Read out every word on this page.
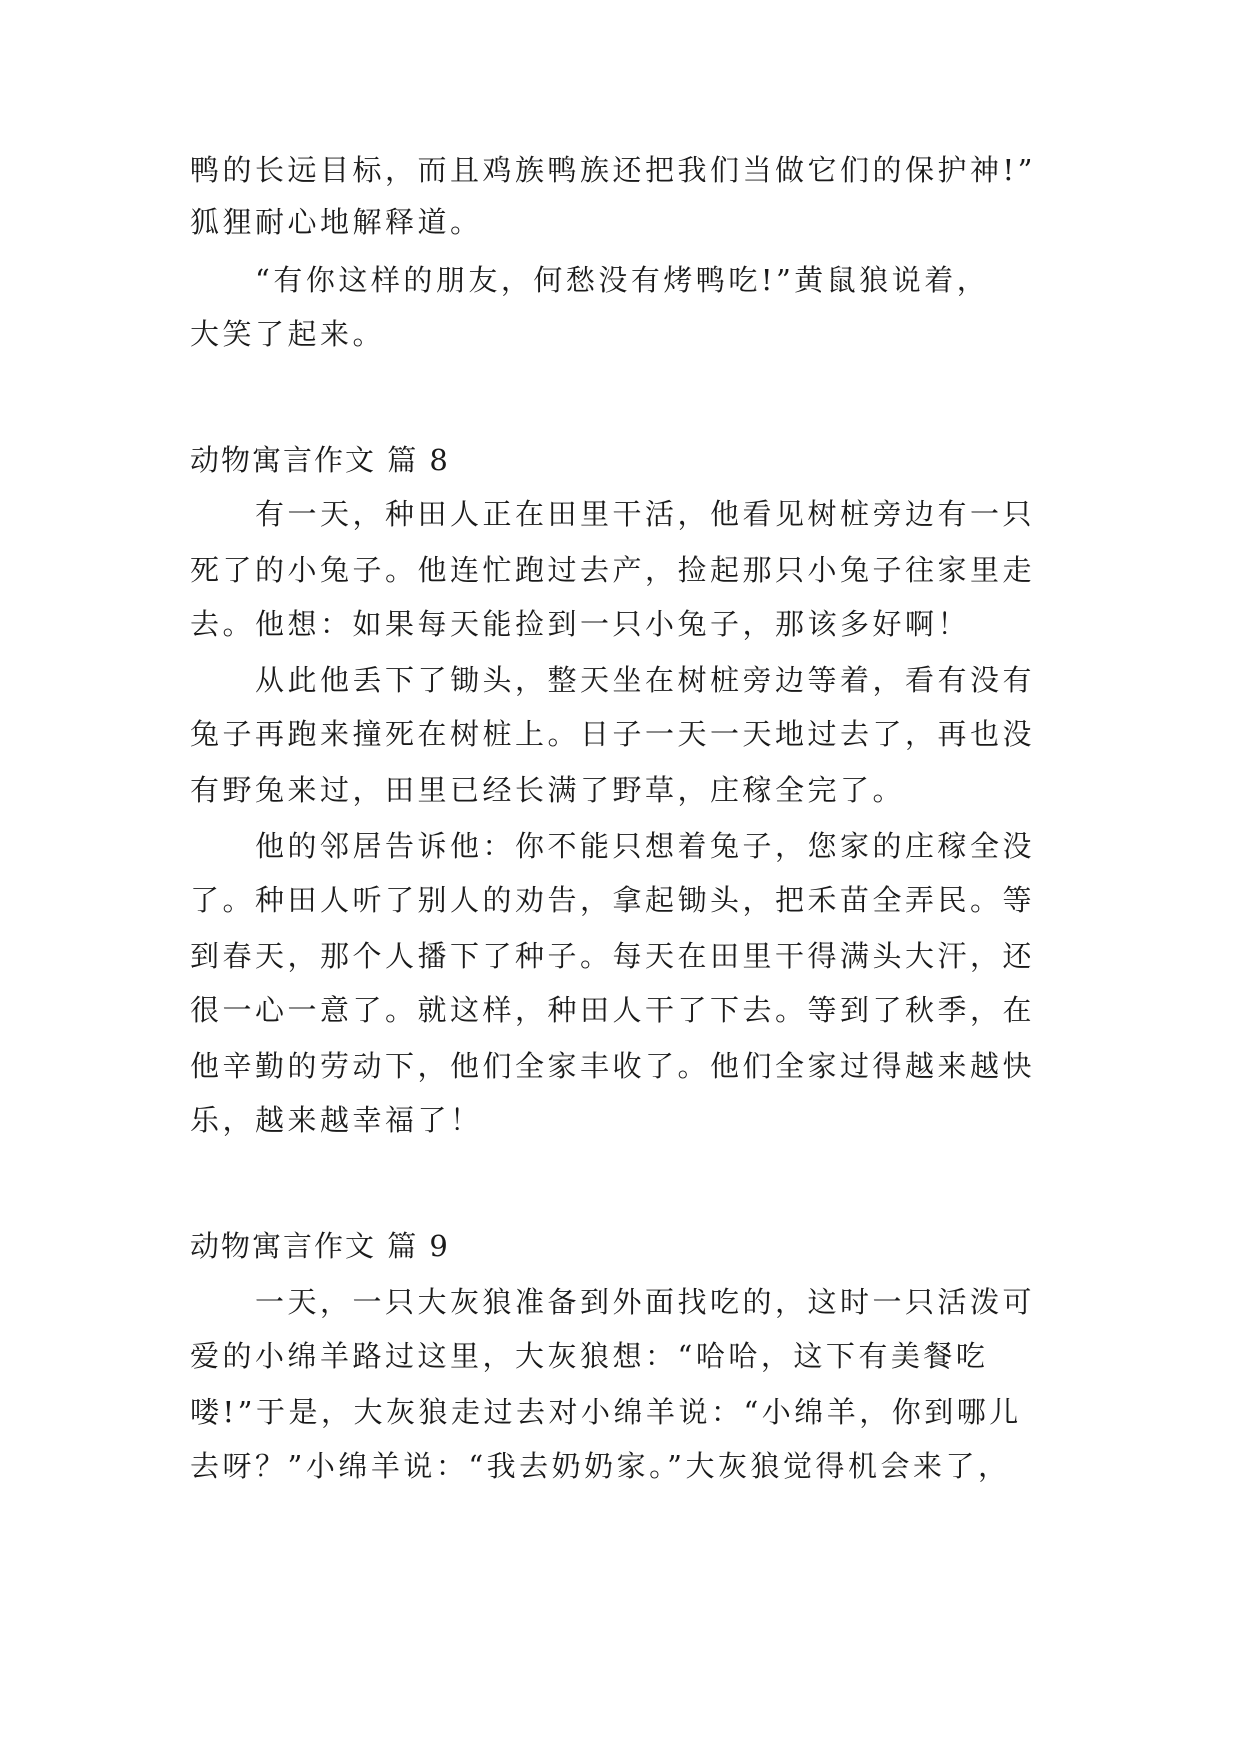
鸭的长远目标，而且鸡族鸭族还把我们当做它们的保护神!”

狐狸耐心地解释道。

“有你这样的朋友，何愁没有烤鸭吃!”黄鼠狼说着，

大笑了起来。

动物寓言作文 篇 8

有一天，种田人正在田里干活，他看见树桩旁边有一只

死了的小兔子。他连忙跑过去产，捡起那只小兔子往家里走

去。他想：如果每天能捡到一只小兔子，那该多好啊！

从此他丢下了锄头，整天坐在树桩旁边等着，看有没有

兔子再跑来撞死在树桩上。日子一天一天地过去了，再也没

有野兔来过，田里已经长满了野草，庄稼全完了。

他的邻居告诉他：你不能只想着兔子，您家的庄稼全没

了。种田人听了别人的劝告，拿起锄头，把禾苗全弄民。等

到春天，那个人播下了种子。每天在田里干得满头大汗，还

很一心一意了。就这样，种田人干了下去。等到了秋季，在

他辛勤的劳动下，他们全家丰收了。他们全家过得越来越快

乐，越来越幸福了！

动物寓言作文 篇 9

一天，一只大灰狼准备到外面找吃的，这时一只活泼可

爱的小绵羊路过这里，大灰狼想：“哈哈，这下有美餐吃

喽!”于是，大灰狼走过去对小绵羊说：“小绵羊，你到哪儿

去呀？”小绵羊说：“我去奶奶家。”大灰狼觉得机会来了，
